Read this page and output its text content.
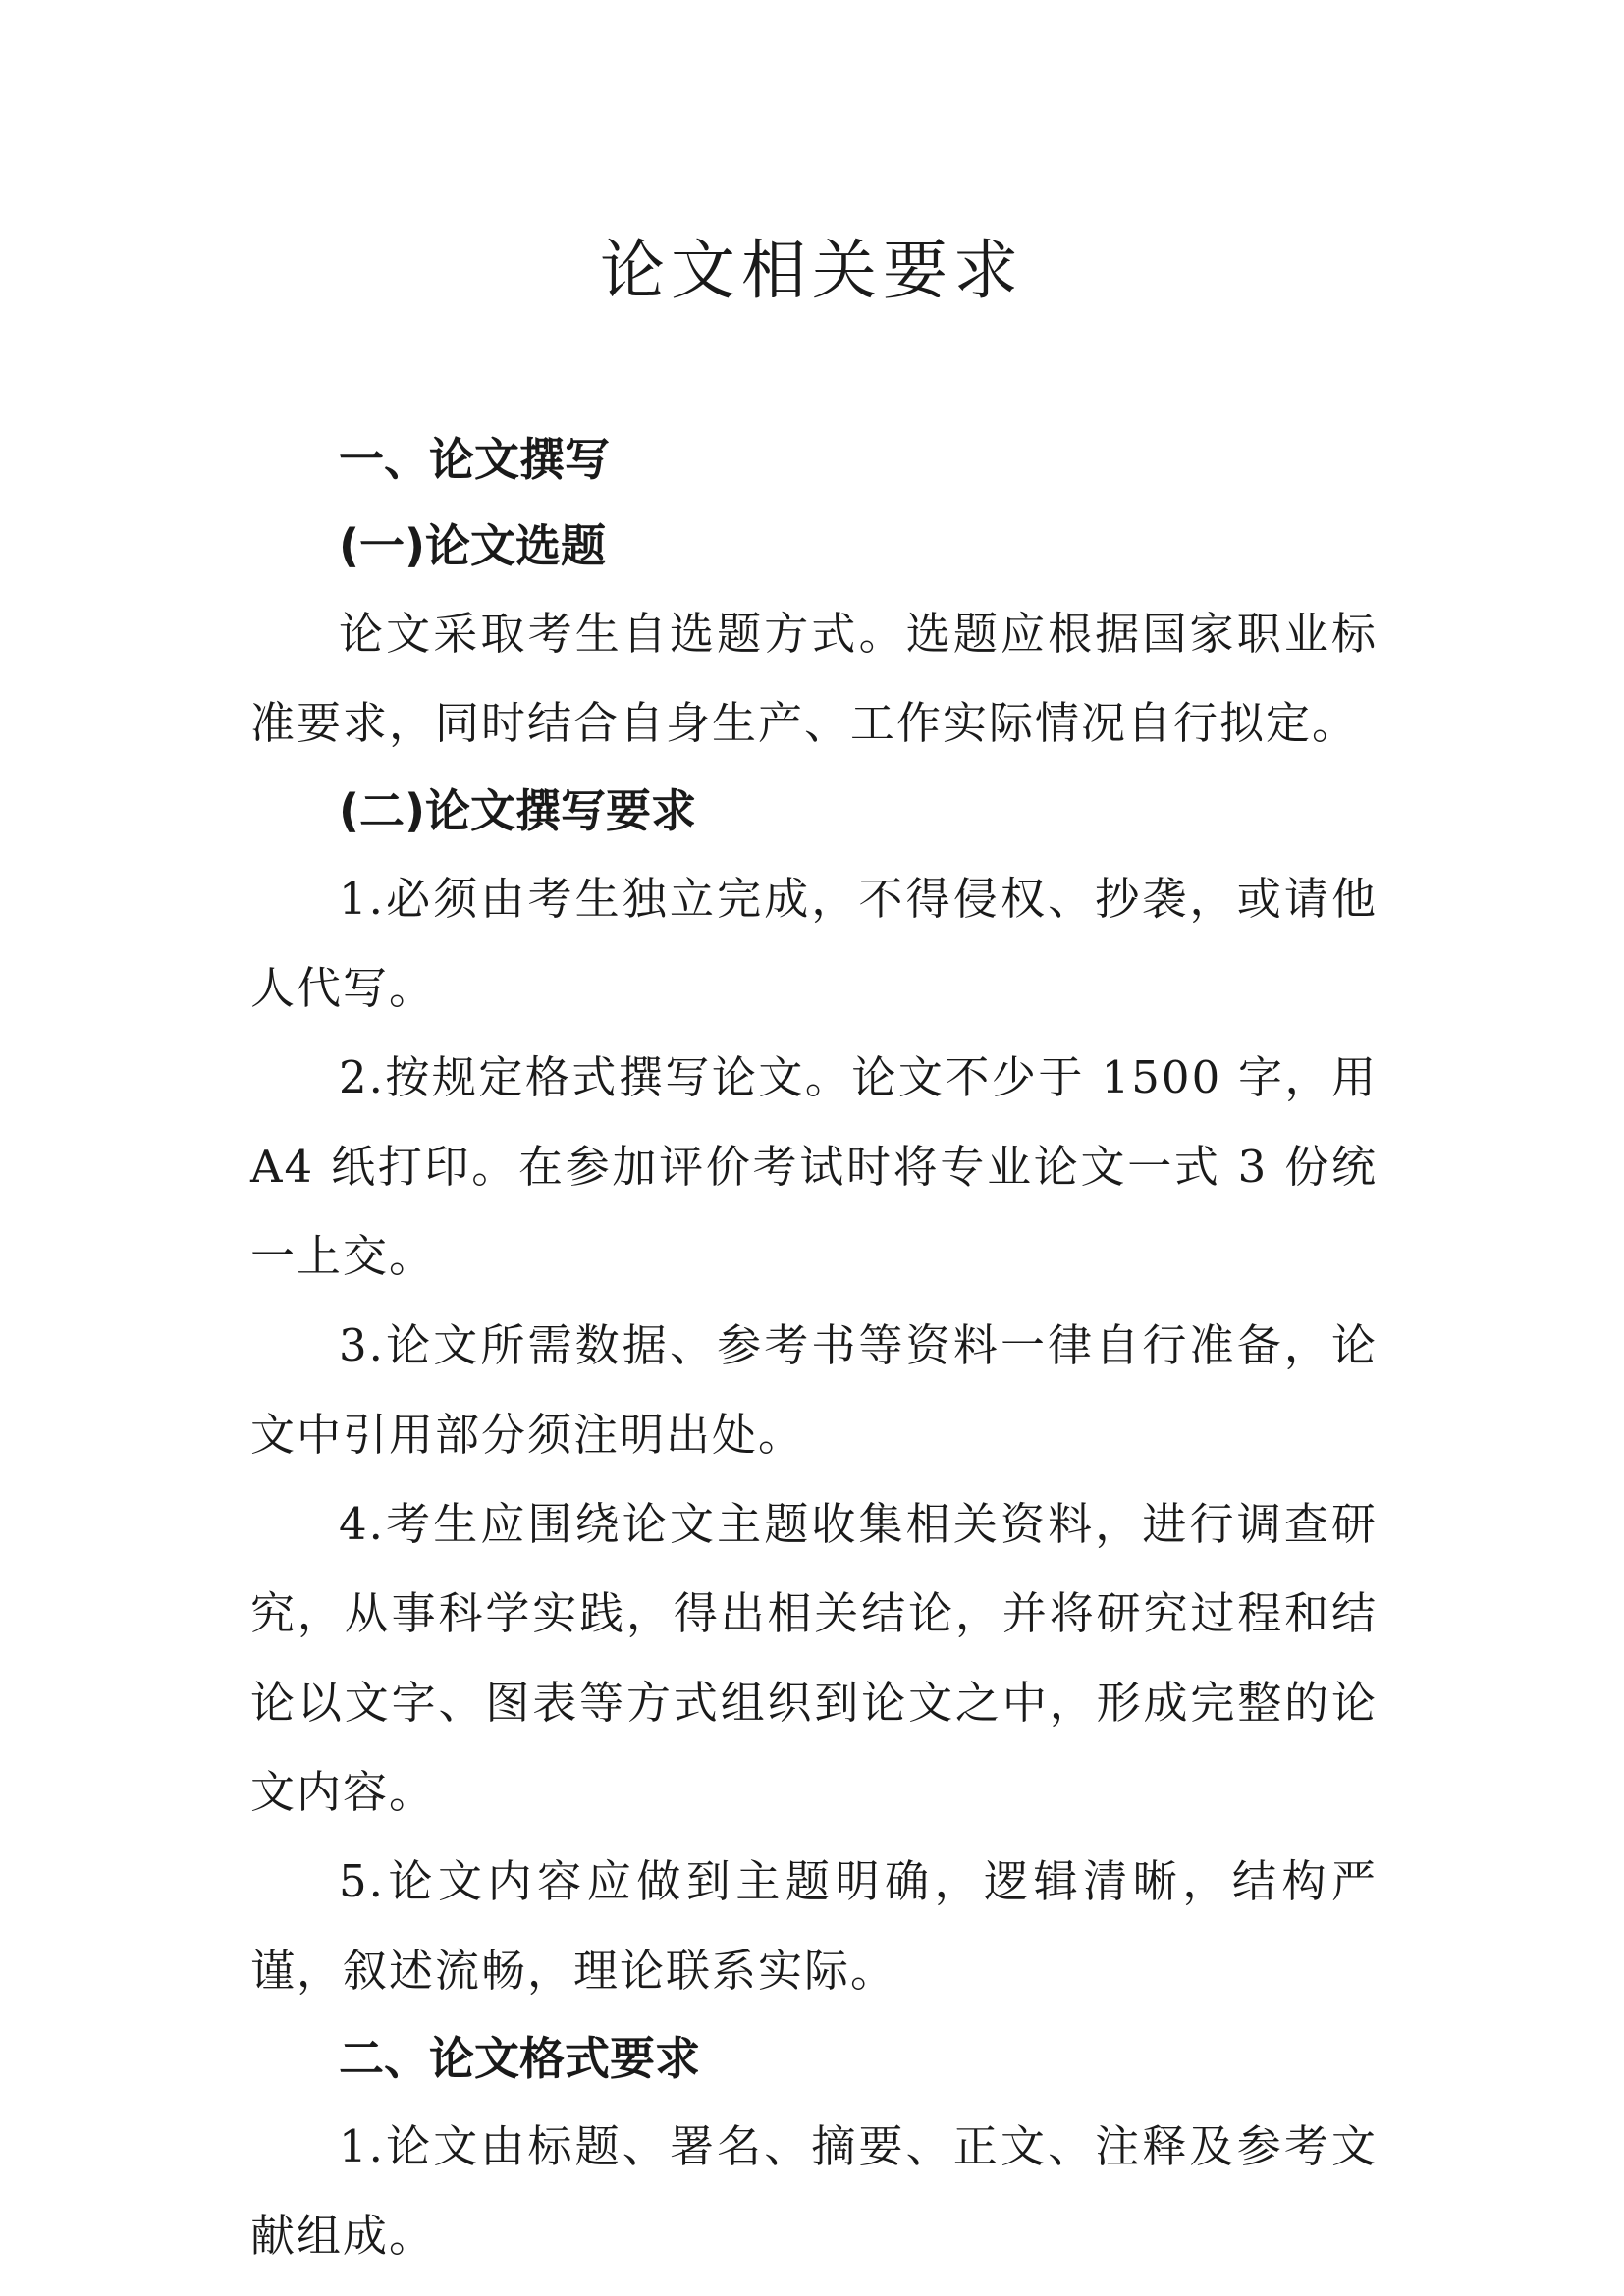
论文相关要求
一、论文撰写
(一)论文选题

论文采取考生自选题方式。选题应根据国家职业标准要求，同时结合自身生产、工作实际情况自行拟定。

(二)论文撰写要求

1.必须由考生独立完成，不得侵权、抄袭，或请他人代写。

2.按规定格式撰写论文。论文不少于 1500 字，用 A4 纸打印。在参加评价考试时将专业论文一式 3 份统一上交。

3.论文所需数据、参考书等资料一律自行准备，论文中引用部分须注明出处。

4.考生应围绕论文主题收集相关资料，进行调查研究，从事科学实践，得出相关结论，并将研究过程和结论以文字、图表等方式组织到论文之中，形成完整的论文内容。

5.论文内容应做到主题明确，逻辑清晰，结构严谨，叙述流畅，理论联系实际。

二、论文格式要求

1.论文由标题、署名、摘要、正文、注释及参考文献组成。
